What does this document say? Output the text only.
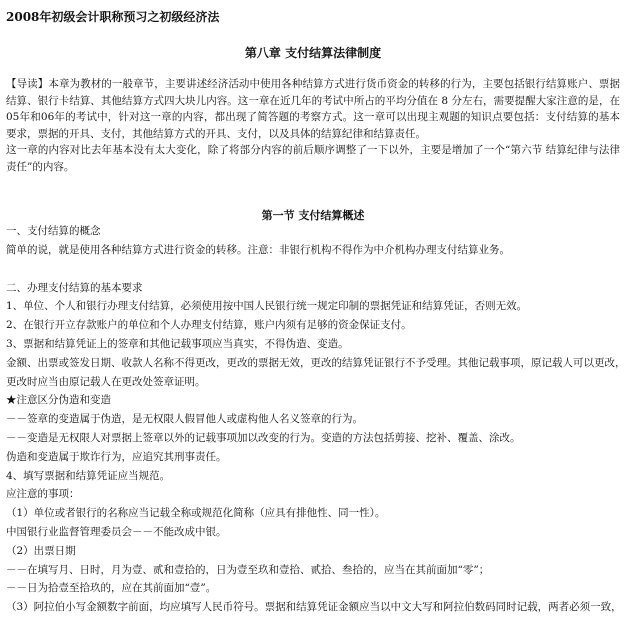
2008年初级会计职称预习之初级经济法
第八章 支付结算法律制度

【导读】本章为教材的一般章节，主要讲述经济活动中使用各种结算方式进行货币资金的转移的行为，主要包括银行结算账户、票据结算、银行卡结算、其他结算方式四大块儿内容。这一章在近几年的考试中所占的平均分值在 8 分左右，需要提醒大家注意的是，在05年和06年的考试中，针对这一章的内容，都出现了简答题的考察方式。这一章可以出现主观题的知识点要包括：支付结算的基本要求，票据的开具、支付，其他结算方式的开具、支付，以及具体的结算纪律和结算责任。

这一章的内容对比去年基本没有太大变化，除了将部分内容的前后顺序调整了一下以外，主要是增加了一个“第六节 结算纪律与法律责任”的内容。

第一节 支付结算概述
一、支付结算的概念
简单的说，就是使用各种结算方式进行资金的转移。注意：非银行机构不得作为中介机构办理支付结算业务。
二、办理支付结算的基本要求
1、单位、个人和银行办理支付结算，必须使用按中国人民银行统一规定印制的票据凭证和结算凭证，否则无效。
2、在银行开立存款账户的单位和个人办理支付结算，账户内须有足够的资金保证支付。
3、票据和结算凭证上的签章和其他记载事项应当真实，不得伪造、变造。
金额、出票或签发日期、收款人名称不得更改，更改的票据无效，更改的结算凭证银行不予受理。其他记载事项，原记载人可以更改，
更改时应当由原记载人在更改处签章证明。
★注意区分伪造和变造
－－签章的变造属于伪造，是无权限人假冒他人或虚构他人名义签章的行为。
－－变造是无权限人对票据上签章以外的记载事项加以改变的行为。变造的方法包括剪接、挖补、覆盖、涂改。
伪造和变造属于欺诈行为，应追究其刑事责任。
4、填写票据和结算凭证应当规范。
应注意的事项：
（1）单位或者银行的名称应当记载全称或规范化简称（应具有排他性、同一性）。
中国银行业监督管理委员会－－不能改成中银。
（2）出票日期
－－在填写月、日时，月为壹、贰和壹拾的，日为壹至玖和壹拾、贰拾、叁拾的，应当在其前面加“零”；
－－日为拾壹至拾玖的，应在其前面加“壹”。
（3）阿拉伯小写金额数字前面，均应填写人民币符号。票据和结算凭证金额应当以中文大写和阿拉伯数码同时记载，两者必须一致，
